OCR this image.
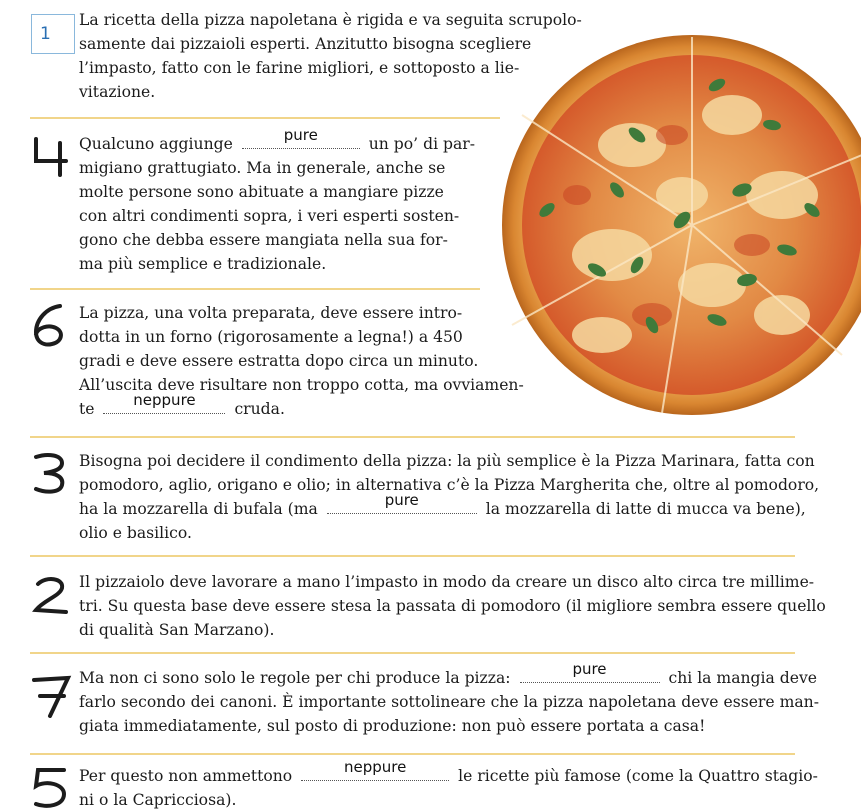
1

La ricetta della pizza napoletana è rigida e va seguita scrupolo-

samente dai pizzaioli esperti. Anzitutto bisogna scegliere

l’impasto, fatto con le farine migliori, e sottoposto a lie-

vitazione.

Qualcuno aggiunge	pure	un po’ di par-

migiano grattugiato. Ma in generale, anche se

molte persone sono abituate a mangiare pizze

con altri condimenti sopra, i veri esperti sosten-

gono che debba essere mangiata nella sua for-

ma più semplice e tradizionale.

La pizza, una volta preparata, deve essere intro-

dotta in un forno (rigorosamente a legna!) a 450

gradi e deve essere estratta dopo circa un minuto.

All’uscita deve risultare non troppo cotta, ma ovviamen-

te	neppure	cruda.

Bisogna poi decidere il condimento della pizza: la più semplice è la Pizza Marinara, fatta con

pomodoro, aglio, origano e olio; in alternativa c’è la Pizza Margherita che, oltre al pomodoro,

ha la mozzarella di bufala (ma	pure	la mozzarella di latte di mucca va bene),

olio e basilico.

Il pizzaiolo deve lavorare a mano l’impasto in modo da creare un disco alto circa tre millime-

tri. Su questa base deve essere stesa la passata di pomodoro (il migliore sembra essere quello

di qualità San Marzano).

Ma non ci sono solo le regole per chi produce la pizza:	pure	chi la mangia deve

farlo secondo dei canoni. È importante sottolineare che la pizza napoletana deve essere man-

giata immediatamente, sul posto di produzione: non può essere portata a casa!

Per questo non ammettono	neppure	le ricette più famose (come la Quattro stagio-

ni o la Capricciosa).
